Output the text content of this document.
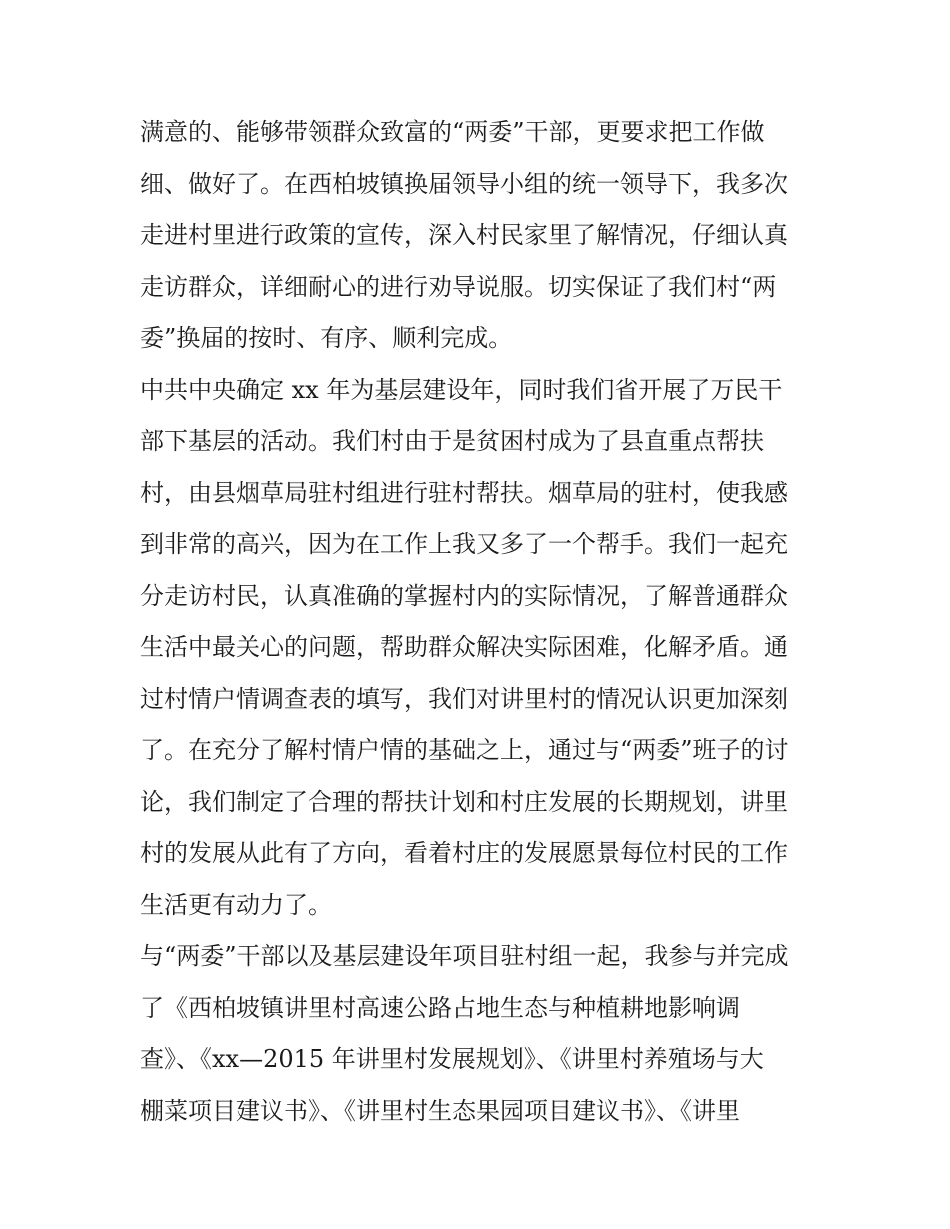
满意的、能够带领群众致富的“两委”干部，更要求把工作做
细、做好了。在西柏坡镇换届领导小组的统一领导下，我多次
走进村里进行政策的宣传，深入村民家里了解情况，仔细认真
走访群众，详细耐心的进行劝导说服。切实保证了我们村“两
委”换届的按时、有序、顺利完成。
中共中央确定 xx 年为基层建设年，同时我们省开展了万民干
部下基层的活动。我们村由于是贫困村成为了县直重点帮扶
村，由县烟草局驻村组进行驻村帮扶。烟草局的驻村，使我感
到非常的高兴，因为在工作上我又多了一个帮手。我们一起充
分走访村民，认真准确的掌握村内的实际情况，了解普通群众
生活中最关心的问题，帮助群众解决实际困难，化解矛盾。通
过村情户情调查表的填写，我们对讲里村的情况认识更加深刻
了。在充分了解村情户情的基础之上，通过与“两委”班子的讨
论，我们制定了合理的帮扶计划和村庄发展的长期规划，讲里
村的发展从此有了方向，看着村庄的发展愿景每位村民的工作
生活更有动力了。
与“两委”干部以及基层建设年项目驻村组一起，我参与并完成
了《西柏坡镇讲里村高速公路占地生态与种植耕地影响调
查》、《xx—2015 年讲里村发展规划》、《讲里村养殖场与大
棚菜项目建议书》、《讲里村生态果园项目建议书》、《讲里
